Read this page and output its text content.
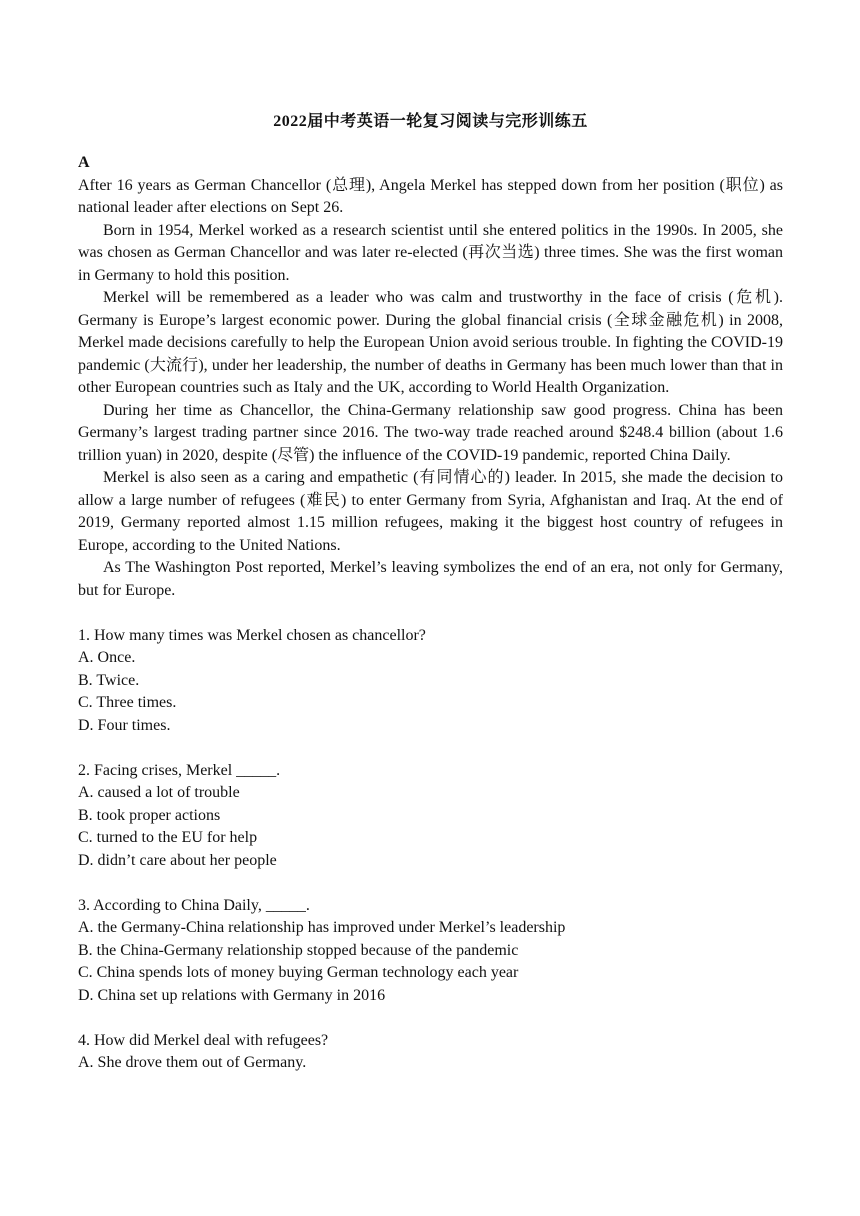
2022届中考英语一轮复习阅读与完形训练五

A

After 16 years as German Chancellor (总理), Angela Merkel has stepped down from her position (职位) as national leader after elections on Sept 26.

Born in 1954, Merkel worked as a research scientist until she entered politics in the 1990s. In 2005, she was chosen as German Chancellor and was later re-elected (再次当选) three times. She was the first woman in Germany to hold this position.

Merkel will be remembered as a leader who was calm and trustworthy in the face of crisis (危机). Germany is Europe’s largest economic power. During the global financial crisis (全球金融危机) in 2008, Merkel made decisions carefully to help the European Union avoid serious trouble. In fighting the COVID-19 pandemic (大流行), under her leadership, the number of deaths in Germany has been much lower than that in other European countries such as Italy and the UK, according to World Health Organization.

During her time as Chancellor, the China-Germany relationship saw good progress. China has been Germany’s largest trading partner since 2016. The two-way trade reached around $248.4 billion (about 1.6 trillion yuan) in 2020, despite (尽管) the influence of the COVID-19 pandemic, reported China Daily.

Merkel is also seen as a caring and empathetic (有同情心的) leader. In 2015, she made the decision to allow a large number of refugees (难民) to enter Germany from Syria, Afghanistan and Iraq. At the end of 2019, Germany reported almost 1.15 million refugees, making it the biggest host country of refugees in Europe, according to the United Nations.

As The Washington Post reported, Merkel’s leaving symbolizes the end of an era, not only for Germany, but for Europe.

1. How many times was Merkel chosen as chancellor?

A. Once.

B. Twice.

C. Three times.

D. Four times.

2. Facing crises, Merkel _____.

A. caused a lot of trouble

B. took proper actions

C. turned to the EU for help

D. didn’t care about her people

3. According to China Daily, _____.

A. the Germany-China relationship has improved under Merkel’s leadership

B. the China-Germany relationship stopped because of the pandemic

C. China spends lots of money buying German technology each year

D. China set up relations with Germany in 2016

4. How did Merkel deal with refugees?

A. She drove them out of Germany.
